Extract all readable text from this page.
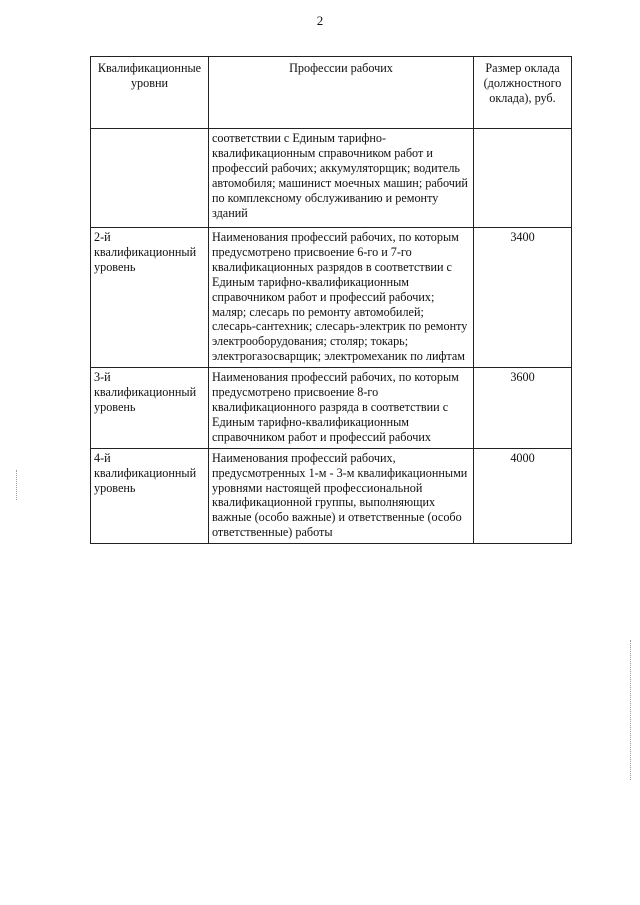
2
Квалификационные уровни	Профессии рабочих	Размер оклада (должностного оклада), руб.
	соответствии с Единым тарифно-квалификационным справочником работ и профессий рабочих; аккумуляторщик; водитель автомобиля; машинист моечных машин; рабочий по комплексному обслуживанию и ремонту зданий	
2-й квалификационный уровень	Наименования профессий рабочих, по которым предусмотрено присвоение 6-го и 7-го квалификационных разрядов в соответствии с Единым тарифно-квалификационным справочником работ и профессий рабочих; маляр; слесарь по ремонту автомобилей; слесарь-сантехник; слесарь-электрик по ремонту электрооборудования; столяр; токарь; электрогазосварщик; электромеханик по лифтам	3400
3-й квалификационный уровень	Наименования профессий рабочих, по которым предусмотрено присвоение 8-го квалификационного разряда в соответствии с Единым тарифно-квалификационным справочником работ и профессий рабочих	3600
4-й квалификационный уровень	Наименования профессий рабочих, предусмотренных 1-м - 3-м квалификационными уровнями настоящей профессиональной квалификационной группы, выполняющих важные (особо важные) и ответственные (особо ответственные) работы	4000
